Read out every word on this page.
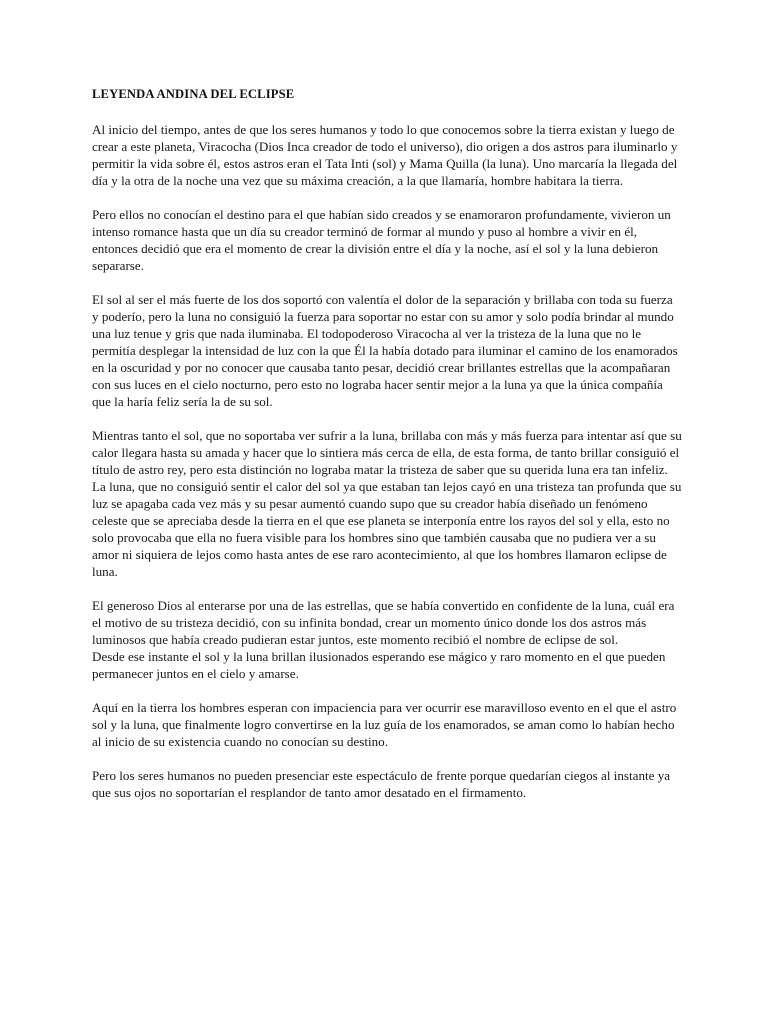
LEYENDA ANDINA DEL ECLIPSE

Al inicio del tiempo, antes de que los seres humanos y todo lo que conocemos sobre la tierra existan y luego de crear a este planeta, Viracocha (Dios Inca creador de todo el universo), dio origen a dos astros para iluminarlo y permitir la vida sobre él, estos astros eran el Tata Inti (sol) y Mama Quilla (la luna). Uno marcaría la llegada del día y la otra de la noche una vez que su máxima creación, a la que llamaría, hombre habitara la tierra.

Pero ellos no conocían el destino para el que habían sido creados y se enamoraron profundamente, vivieron un intenso romance hasta que un día su creador terminó de formar al mundo y puso al hombre a vivir en él, entonces decidió que era el momento de crear la división entre el día y la noche, así el sol y la luna debieron separarse.

El sol al ser el más fuerte de los dos soportó con valentía el dolor de la separación y brillaba con toda su fuerza y poderío, pero la luna no consiguió la fuerza para soportar no estar con su amor y solo podía brindar al mundo una luz tenue y gris que nada iluminaba. El todopoderoso Viracocha al ver la tristeza de la luna que no le permitía desplegar la intensidad de luz con la que Él la había dotado para iluminar el camino de los enamorados en la oscuridad y por no conocer que causaba tanto pesar, decidió crear brillantes estrellas que la acompañaran con sus luces en el cielo nocturno, pero esto no lograba hacer sentir mejor a la luna ya que la única compañía que la haría feliz sería la de su sol.

Mientras tanto el sol, que no soportaba ver sufrir a la luna, brillaba con más y más fuerza para intentar así que su calor llegara hasta su amada y hacer que lo sintiera más cerca de ella, de esta forma, de tanto brillar consiguió el título de astro rey, pero esta distinción no lograba matar la tristeza de saber que su querida luna era tan infeliz. La luna, que no consiguió sentir el calor del sol ya que estaban tan lejos cayó en una tristeza tan profunda que su luz se apagaba cada vez más y su pesar aumentó cuando supo que su creador había diseñado un fenómeno celeste que se apreciaba desde la tierra en el que ese planeta se interponía entre los rayos del sol y ella, esto no solo provocaba que ella no fuera visible para los hombres sino que también causaba que no pudiera ver a su amor ni siquiera de lejos como hasta antes de ese raro acontecimiento, al que los hombres llamaron eclipse de luna.

El generoso Dios al enterarse por una de las estrellas, que se había convertido en confidente de la luna, cuál era el motivo de su tristeza decidió, con su infinita bondad, crear un momento único donde los dos astros más luminosos que había creado pudieran estar juntos, este momento recibió el nombre de eclipse de sol.

Desde ese instante el sol y la luna brillan ilusionados esperando ese mágico y raro momento en el que pueden permanecer juntos en el cielo y amarse.

Aquí en la tierra los hombres esperan con impaciencia para ver ocurrir ese maravilloso evento en el que el astro sol y la luna, que finalmente logro convertirse en la luz guía de los enamorados, se aman como lo habían hecho al inicio de su existencia cuando no conocían su destino.

Pero los seres humanos no pueden presenciar este espectáculo de frente porque quedarían ciegos al instante ya que sus ojos no soportarían el resplandor de tanto amor desatado en el firmamento.
